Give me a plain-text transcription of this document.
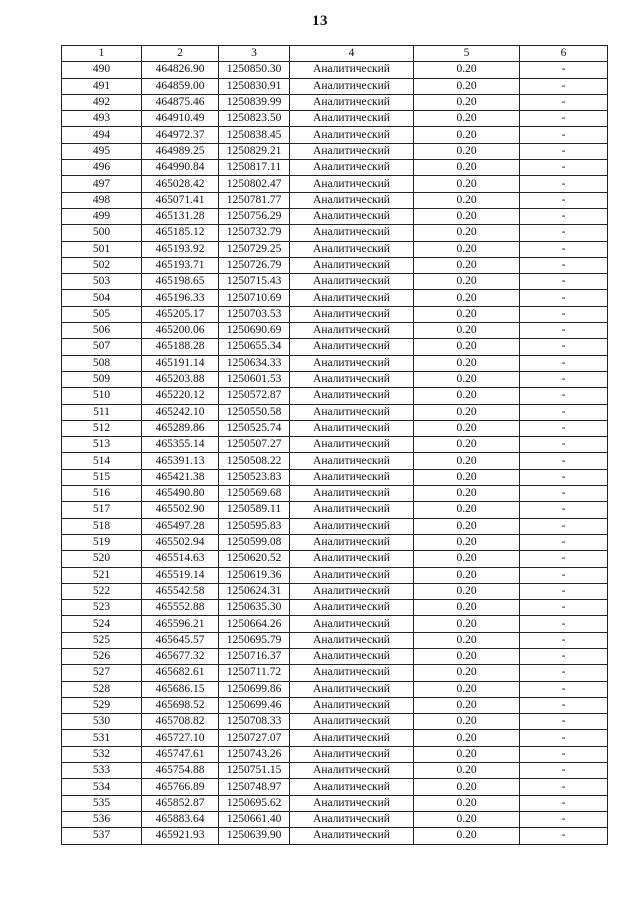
13
1	2	3	4	5	6
490	464826.90	1250850.30	Аналитический	0.20	-
491	464859.00	1250830.91	Аналитический	0.20	-
492	464875.46	1250839.99	Аналитический	0.20	-
493	464910.49	1250823.50	Аналитический	0.20	-
494	464972.37	1250838.45	Аналитический	0.20	-
495	464989.25	1250829.21	Аналитический	0.20	-
496	464990.84	1250817.11	Аналитический	0.20	-
497	465028.42	1250802.47	Аналитический	0.20	-
498	465071.41	1250781.77	Аналитический	0.20	-
499	465131.28	1250756.29	Аналитический	0.20	-
500	465185.12	1250732.79	Аналитический	0.20	-
501	465193.92	1250729.25	Аналитический	0.20	-
502	465193.71	1250726.79	Аналитический	0.20	-
503	465198.65	1250715.43	Аналитический	0.20	-
504	465196.33	1250710.69	Аналитический	0.20	-
505	465205.17	1250703.53	Аналитический	0.20	-
506	465200.06	1250690.69	Аналитический	0.20	-
507	465188.28	1250655.34	Аналитический	0.20	-
508	465191.14	1250634.33	Аналитический	0.20	-
509	465203.88	1250601.53	Аналитический	0.20	-
510	465220.12	1250572.87	Аналитический	0.20	-
511	465242.10	1250550.58	Аналитический	0.20	-
512	465289.86	1250525.74	Аналитический	0.20	-
513	465355.14	1250507.27	Аналитический	0.20	-
514	465391.13	1250508.22	Аналитический	0.20	-
515	465421.38	1250523.83	Аналитический	0.20	-
516	465490.80	1250569.68	Аналитический	0.20	-
517	465502.90	1250589.11	Аналитический	0.20	-
518	465497.28	1250595.83	Аналитический	0.20	-
519	465502.94	1250599.08	Аналитический	0.20	-
520	465514.63	1250620.52	Аналитический	0.20	-
521	465519.14	1250619.36	Аналитический	0.20	-
522	465542.58	1250624.31	Аналитический	0.20	-
523	465552.88	1250635.30	Аналитический	0.20	-
524	465596.21	1250664.26	Аналитический	0.20	-
525	465645.57	1250695.79	Аналитический	0.20	-
526	465677.32	1250716.37	Аналитический	0.20	-
527	465682.61	1250711.72	Аналитический	0.20	-
528	465686.15	1250699.86	Аналитический	0.20	-
529	465698.52	1250699.46	Аналитический	0.20	-
530	465708.82	1250708.33	Аналитический	0.20	-
531	465727.10	1250727.07	Аналитический	0.20	-
532	465747.61	1250743.26	Аналитический	0.20	-
533	465754.88	1250751.15	Аналитический	0.20	-
534	465766.89	1250748.97	Аналитический	0.20	-
535	465852.87	1250695.62	Аналитический	0.20	-
536	465883.64	1250661.40	Аналитический	0.20	-
537	465921.93	1250639.90	Аналитический	0.20	-
